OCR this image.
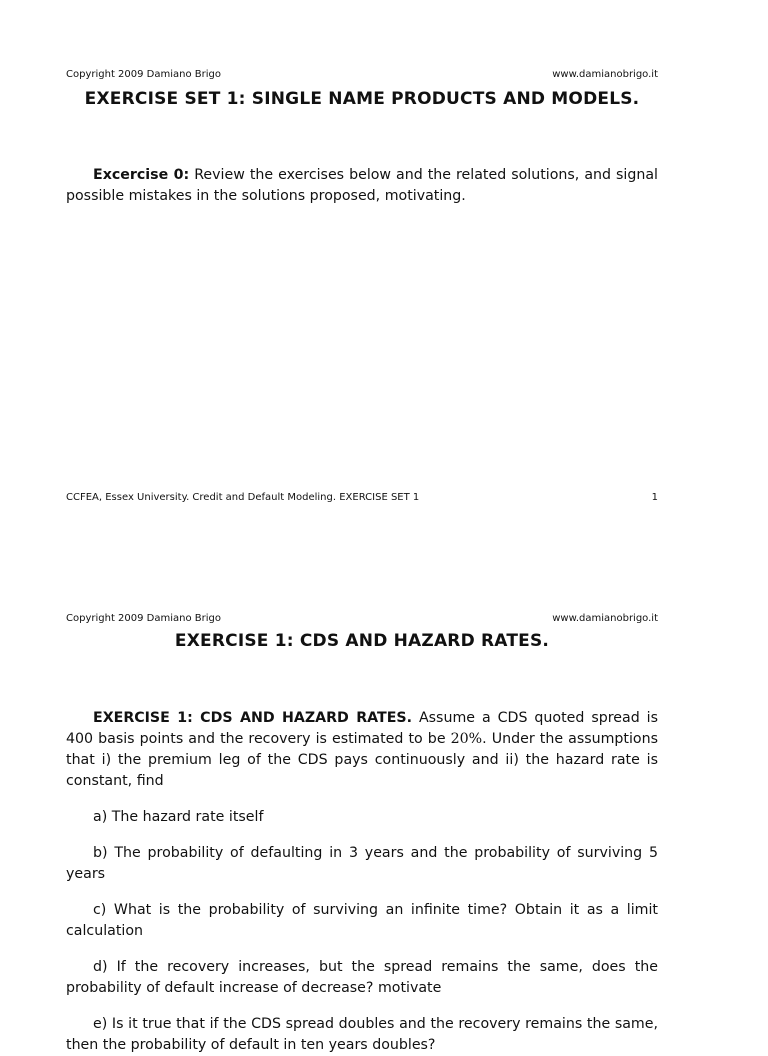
Copyright 2009 Damiano Brigo	www.damianobrigo.it
EXERCISE SET 1: SINGLE NAME PRODUCTS AND MODELS.

Excercise 0: Review the exercises below and the related solutions, and signal possible mistakes in the solutions proposed, motivating.

CCFEA, Essex University. Credit and Default Modeling. EXERCISE SET 1	1
Copyright 2009 Damiano Brigo	www.damianobrigo.it
EXERCISE 1: CDS AND HAZARD RATES.

EXERCISE 1: CDS AND HAZARD RATES. Assume a CDS quoted spread is 400 basis points and the recovery is estimated to be 20%. Under the assumptions that i) the premium leg of the CDS pays continuously and ii) the hazard rate is constant, find

a) The hazard rate itself

b) The probability of defaulting in 3 years and the probability of surviving 5 years

c) What is the probability of surviving an infinite time? Obtain it as a limit calculation

d) If the recovery increases, but the spread remains the same, does the probability of default increase of decrease? motivate

e) Is it true that if the CDS spread doubles and the recovery remains the same, then the probability of default in ten years doubles?
